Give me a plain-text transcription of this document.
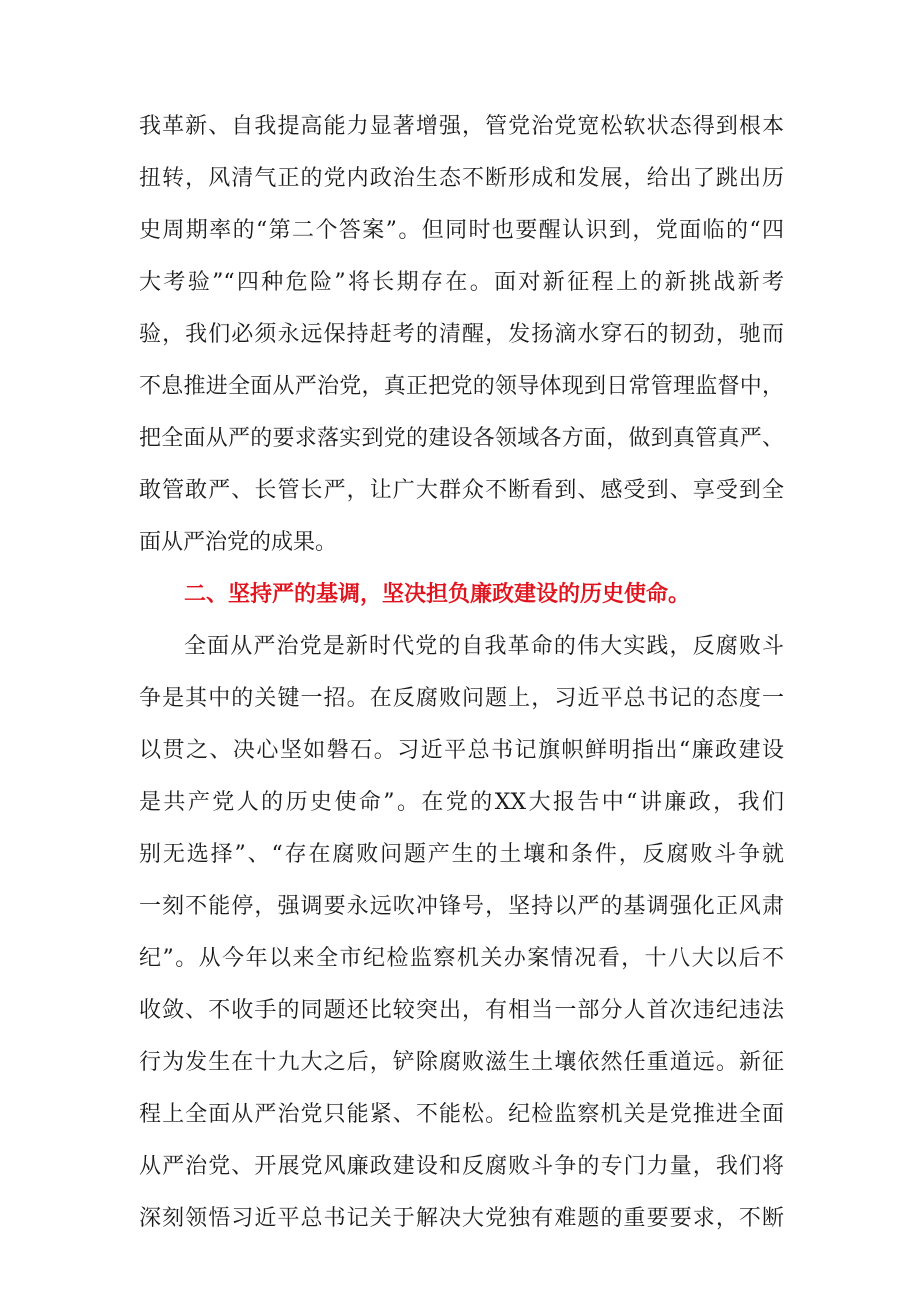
我革新、自我提高能力显著增强，管党治党宽松软状态得到根本
扭转，风清气正的党内政治生态不断形成和发展，给出了跳出历
史周期率的“第二个答案”。但同时也要醒认识到，党面临的“四
大考验”“四种危险”将长期存在。面对新征程上的新挑战新考
验，我们必须永远保持赶考的清醒，发扬滴水穿石的韧劲，驰而
不息推进全面从严治党，真正把党的领导体现到日常管理监督中，
把全面从严的要求落实到党的建设各领域各方面，做到真管真严、
敢管敢严、长管长严，让广大群众不断看到、感受到、享受到全
面从严治党的成果。
二、坚持严的基调，坚决担负廉政建设的历史使命。
全面从严治党是新时代党的自我革命的伟大实践，反腐败斗
争是其中的关键一招。在反腐败问题上，习近平总书记的态度一
以贯之、决心坚如磐石。习近平总书记旗帜鲜明指出“廉政建设
是共产党人的历史使命”。在党的XX大报告中“讲廉政，我们
别无选择”、“存在腐败问题产生的土壤和条件，反腐败斗争就
一刻不能停，强调要永远吹冲锋号，坚持以严的基调强化正风肃
纪”。从今年以来全市纪检监察机关办案情况看，十八大以后不
收敛、不收手的同题还比较突出，有相当一部分人首次违纪违法
行为发生在十九大之后，铲除腐败滋生土壤依然任重道远。新征
程上全面从严治党只能紧、不能松。纪检监察机关是党推进全面
从严治党、开展党风廉政建设和反腐败斗争的专门力量，我们将
深刻领悟习近平总书记关于解决大党独有难题的重要要求，不断
